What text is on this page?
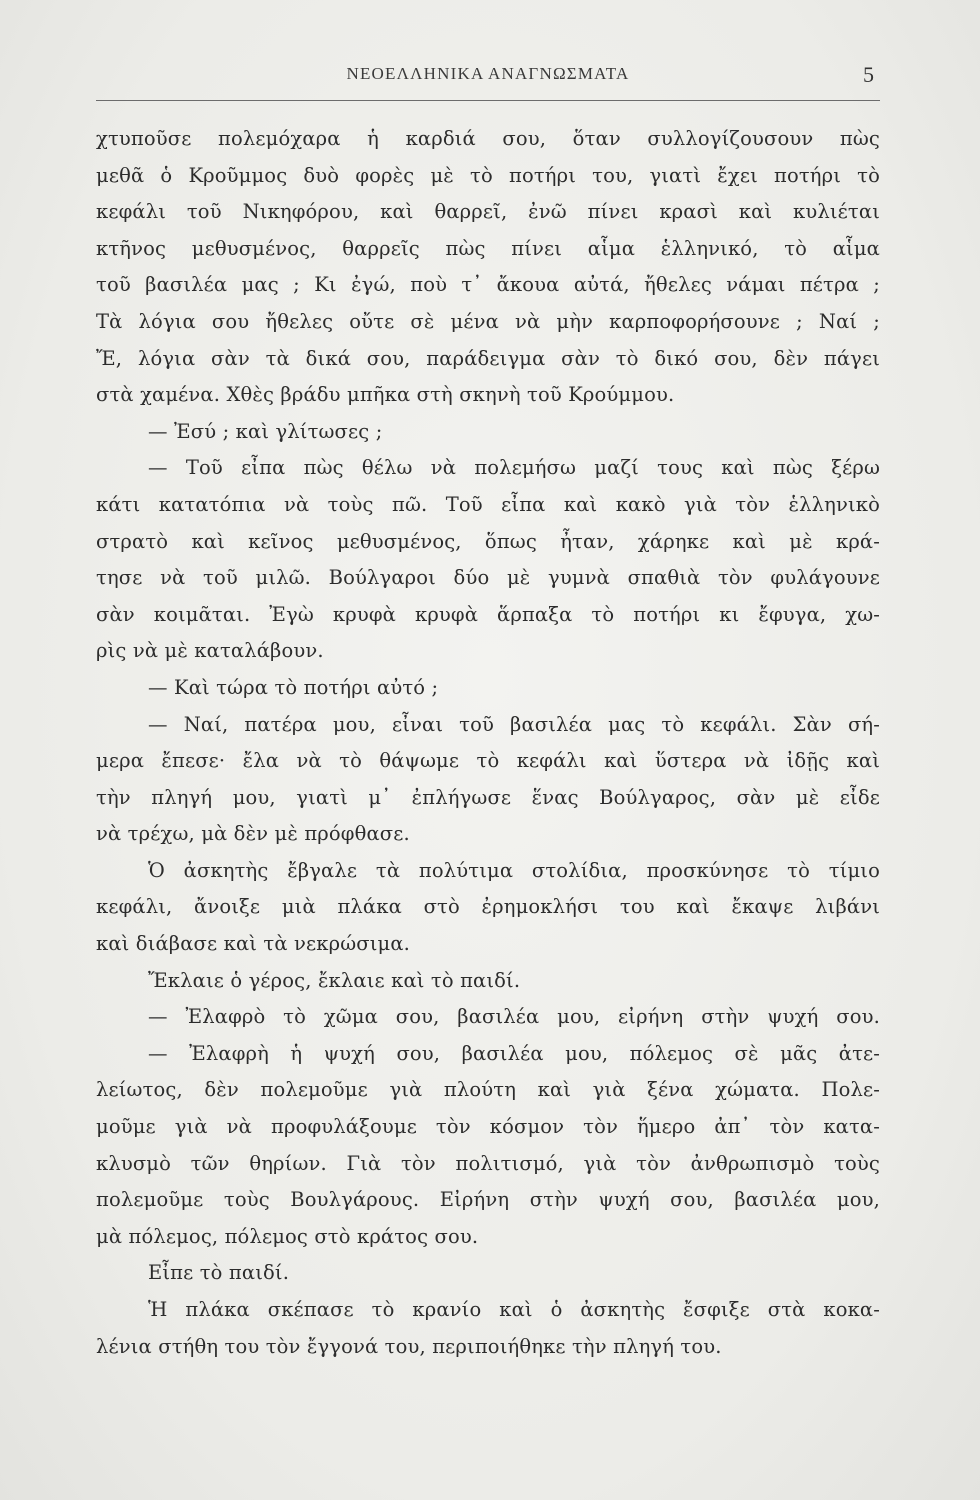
ΝΕΟΕΛΛΗΝΙΚΑ ΑΝΑΓΝΩΣΜΑΤΑ	5
χτυποῦσε πολεμόχαρα ἡ καρδιά σου, ὅταν συλλογίζουσουν πὼς
μεθᾶ ὁ Κροῦμμος δυὸ φορὲς μὲ τὸ ποτήρι του, γιατὶ ἔχει ποτήρι τὸ
κεφάλι τοῦ Νικηφόρου, καὶ θαρρεῖ, ἐνῶ πίνει κρασὶ καὶ κυλιέται
κτῆνος μεθυσμένος, θαρρεῖς πὼς πίνει αἷμα ἑλληνικό, τὸ αἷμα
τοῦ βασιλέα μας ; Κι ἐγώ, ποὺ τ᾽ ἄκουα αὐτά, ἤθελες νάμαι πέτρα ;
Τὰ λόγια σου ἤθελες οὔτε σὲ μένα νὰ μὴν καρποφορήσουνε ; Ναί ;
Ἔ, λόγια σὰν τὰ δικά σου, παράδειγμα σὰν τὸ δικό σου, δὲν πάγει
στὰ χαμένα. Χθὲς βράδυ μπῆκα στὴ σκηνὴ τοῦ Κρούμμου.
— Ἐσύ ; καὶ γλίτωσες ;
— Τοῦ εἶπα πὼς θέλω νὰ πολεμήσω μαζί τους καὶ πὼς ξέρω
κάτι κατατόπια νὰ τοὺς πῶ. Τοῦ εἶπα καὶ κακὸ γιὰ τὸν ἑλληνικὸ
στρατὸ καὶ κεῖνος μεθυσμένος, ὅπως ἦταν, χάρηκε καὶ μὲ κρά-
τησε νὰ τοῦ μιλῶ. Βούλγαροι δύο μὲ γυμνὰ σπαθιὰ τὸν φυλάγουνε
σὰν κοιμᾶται. Ἐγὼ κρυφὰ κρυφὰ ἅρπαξα τὸ ποτήρι κι ἔφυγα, χω-
ρὶς νὰ μὲ καταλάβουν.
— Καὶ τώρα τὸ ποτήρι αὐτό ;
— Ναί, πατέρα μου, εἶναι τοῦ βασιλέα μας τὸ κεφάλι. Σὰν σή-
μερα ἔπεσε· ἔλα νὰ τὸ θάψωμε τὸ κεφάλι καὶ ὕστερα νὰ ἰδῇς καὶ
τὴν πληγή μου, γιατὶ μ᾽ ἐπλήγωσε ἕνας Βούλγαρος, σὰν μὲ εἶδε
νὰ τρέχω, μὰ δὲν μὲ πρόφθασε.
Ὁ ἀσκητὴς ἔβγαλε τὰ πολύτιμα στολίδια, προσκύνησε τὸ τίμιο
κεφάλι, ἄνοιξε μιὰ πλάκα στὸ ἐρημοκλήσι του καὶ ἔκαψε λιβάνι
καὶ διάβασε καὶ τὰ νεκρώσιμα.
Ἔκλαιε ὁ γέρος, ἔκλαιε καὶ τὸ παιδί.
— Ἐλαφρὸ τὸ χῶμα σου, βασιλέα μου, εἰρήνη στὴν ψυχή σου.
— Ἐλαφρὴ ἡ ψυχή σου, βασιλέα μου, πόλεμος σὲ μᾶς ἀτε-
λείωτος, δὲν πολεμοῦμε γιὰ πλούτη καὶ γιὰ ξένα χώματα. Πολε-
μοῦμε γιὰ νὰ προφυλάξουμε τὸν κόσμον τὸν ἥμερο ἀπ᾽ τὸν κατα-
κλυσμὸ τῶν θηρίων. Γιὰ τὸν πολιτισμό, γιὰ τὸν ἀνθρωπισμὸ τοὺς
πολεμοῦμε τοὺς Βουλγάρους. Εἰρήνη στὴν ψυχή σου, βασιλέα μου,
μὰ πόλεμος, πόλεμος στὸ κράτος σου.
Εἶπε τὸ παιδί.
Ἡ πλάκα σκέπασε τὸ κρανίο καὶ ὁ ἀσκητὴς ἔσφιξε στὰ κοκα-
λένια στήθη του τὸν ἔγγονά του, περιποιήθηκε τὴν πληγή του.
